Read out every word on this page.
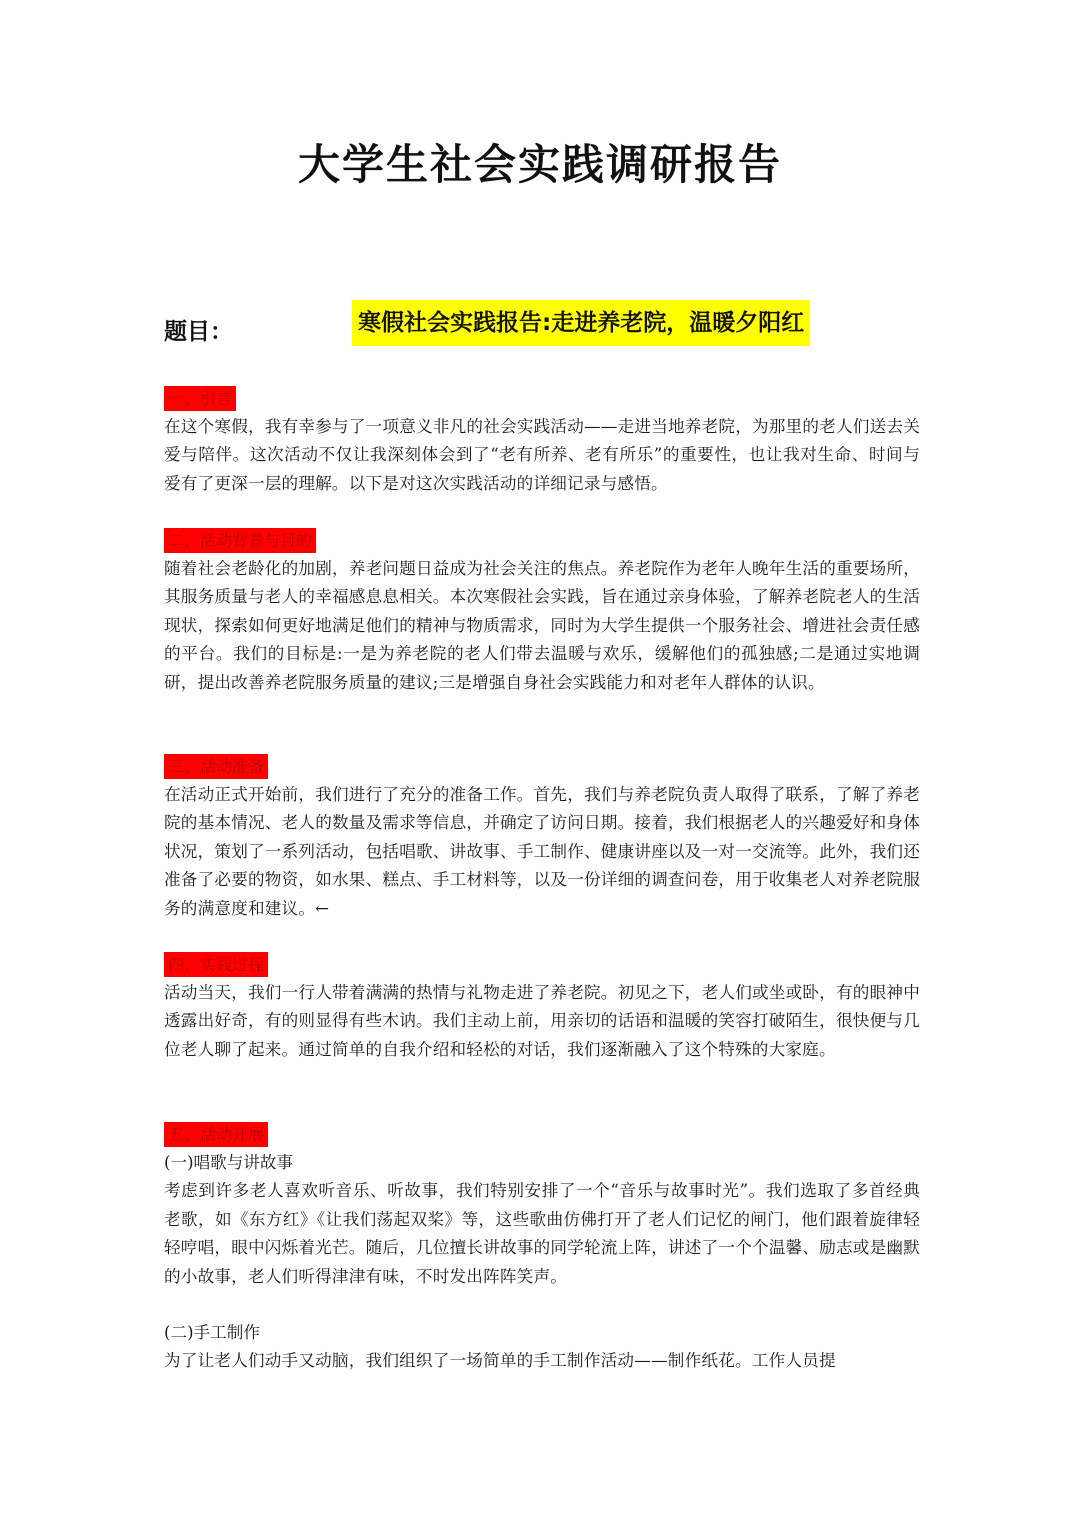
大学生社会实践调研报告
题目：	寒假社会实践报告:走进养老院，温暖夕阳红
一、引言

在这个寒假，我有幸参与了一项意义非凡的社会实践活动——走进当地养老院，为那里的老人们送去关爱与陪伴。这次活动不仅让我深刻体会到了“老有所养、老有所乐”的重要性，也让我对生命、时间与爱有了更深一层的理解。以下是对这次实践活动的详细记录与感悟。

二、活动背景与目的

随着社会老龄化的加剧，养老问题日益成为社会关注的焦点。养老院作为老年人晚年生活的重要场所，其服务质量与老人的幸福感息息相关。本次寒假社会实践，旨在通过亲身体验，了解养老院老人的生活现状，探索如何更好地满足他们的精神与物质需求，同时为大学生提供一个服务社会、增进社会责任感的平台。我们的目标是:一是为养老院的老人们带去温暖与欢乐，缓解他们的孤独感;二是通过实地调研，提出改善养老院服务质量的建议;三是增强自身社会实践能力和对老年人群体的认识。

三、活动准备

在活动正式开始前，我们进行了充分的准备工作。首先，我们与养老院负责人取得了联系，了解了养老院的基本情况、老人的数量及需求等信息，并确定了访问日期。接着，我们根据老人的兴趣爱好和身体状况，策划了一系列活动，包括唱歌、讲故事、手工制作、健康讲座以及一对一交流等。此外，我们还准备了必要的物资，如水果、糕点、手工材料等，以及一份详细的调查问卷，用于收集老人对养老院服务的满意度和建议。←

四、实践过程

活动当天，我们一行人带着满满的热情与礼物走进了养老院。初见之下，老人们或坐或卧，有的眼神中透露出好奇，有的则显得有些木讷。我们主动上前，用亲切的话语和温暖的笑容打破陌生，很快便与几位老人聊了起来。通过简单的自我介绍和轻松的对话，我们逐渐融入了这个特殊的大家庭。

五、活动开展

(一)唱歌与讲故事

考虑到许多老人喜欢听音乐、听故事，我们特别安排了一个“音乐与故事时光”。我们选取了多首经典老歌，如《东方红》《让我们荡起双桨》等，这些歌曲仿佛打开了老人们记忆的闸门，他们跟着旋律轻轻哼唱，眼中闪烁着光芒。随后，几位擅长讲故事的同学轮流上阵，讲述了一个个温馨、励志或是幽默的小故事，老人们听得津津有味，不时发出阵阵笑声。

(二)手工制作

为了让老人们动手又动脑，我们组织了一场简单的手工制作活动——制作纸花。工作人员提
